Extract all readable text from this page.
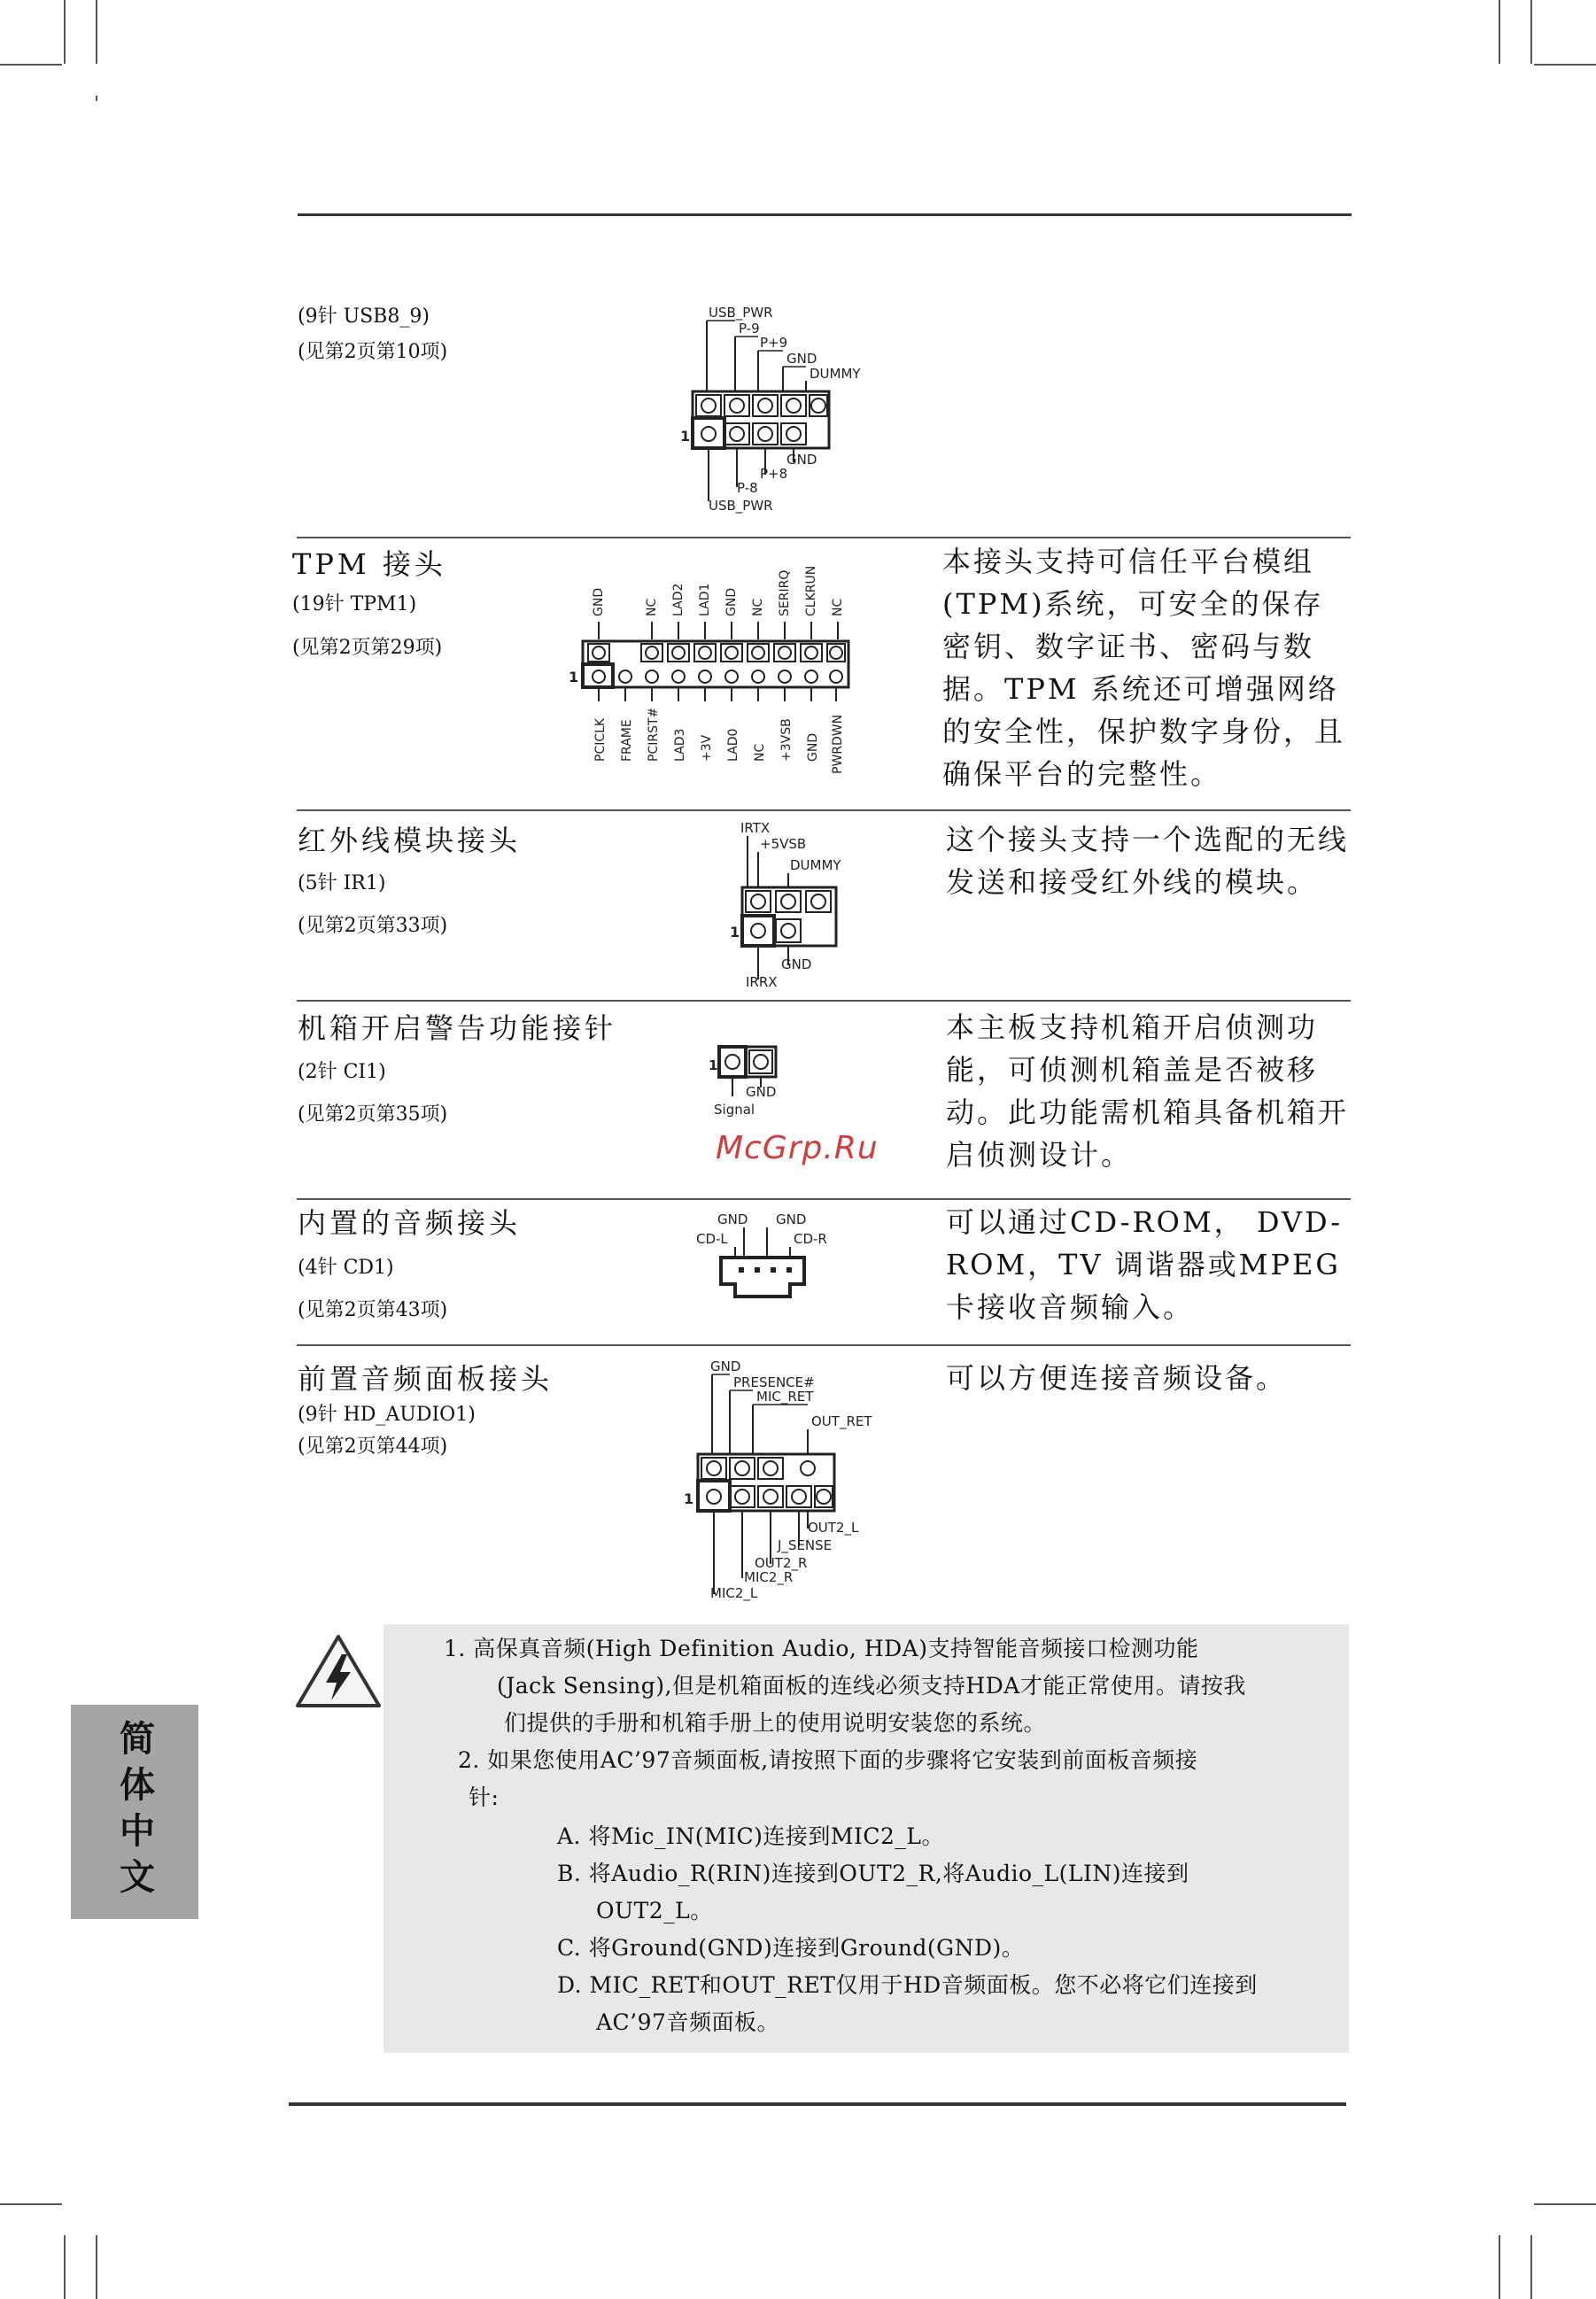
(9针 USB8_9)
(见第2页第10项)
USB_PWR
P-9
P+9
GND
DUMMY
1
GND
P+8
P-8
USB_PWR
TPM 接头
(19针 TPM1)
(见第2页第29项)
GND	NC LAD2 LAD1 GND NC SERIRQ CLKRUN NC
1
PCICLK FRAME PCIRST# LAD3 +3V LAD0 NC +3VSB GND PWRDWN
本接头支持可信任平台模组(TPM)系统，可安全的保存密钥、数字证书、密码与数据。TPM 系统还可增强网络的安全性，保护数字身份，且确保平台的完整性。
红外线模块接头
(5针 IR1)
(见第2页第33项)
IRTX
+5VSB
DUMMY
1
GND
IRRX
这个接头支持一个选配的无线发送和接受红外线的模块。
机箱开启警告功能接针
(2针 CI1)
(见第2页第35项)
1
GND
Signal
McGrp.Ru
本主板支持机箱开启侦测功能，可侦测机箱盖是否被移动。此功能需机箱具备机箱开启侦测设计。
内置的音频接头
(4针 CD1)
(见第2页第43项)
GND GND
CD-L	CD-R	可以通过CD-ROM， DVD-ROM，TV 调谐器或MPEG卡接收音频输入。
前置音频面板接头
(9针 HD_AUDIO1)
(见第2页第44项)
GND
PRESENCE#
MIC_RET
OUT_RET
1
OUT2_L
J_SENSE
OUT2_R
MIC2_R
MIC2_L
可以方便连接音频设备。
1. 高保真音频(High Definition Audio, HDA)支持智能音频接口检测功能
(Jack Sensing),但是机箱面板的连线必须支持HDA才能正常使用。请按我
们提供的手册和机箱手册上的使用说明安装您的系统。
2. 如果您使用AC’97音频面板,请按照下面的步骤将它安装到前面板音频接
针:
A. 将Mic_IN(MIC)连接到MIC2_L。
B. 将Audio_R(RIN)连接到OUT2_R,将Audio_L(LIN)连接到
OUT2_L。
C. 将Ground(GND)连接到Ground(GND)。
D. MIC_RET和OUT_RET仅用于HD音频面板。您不必将它们连接到
AC’97音频面板。
简体中文
